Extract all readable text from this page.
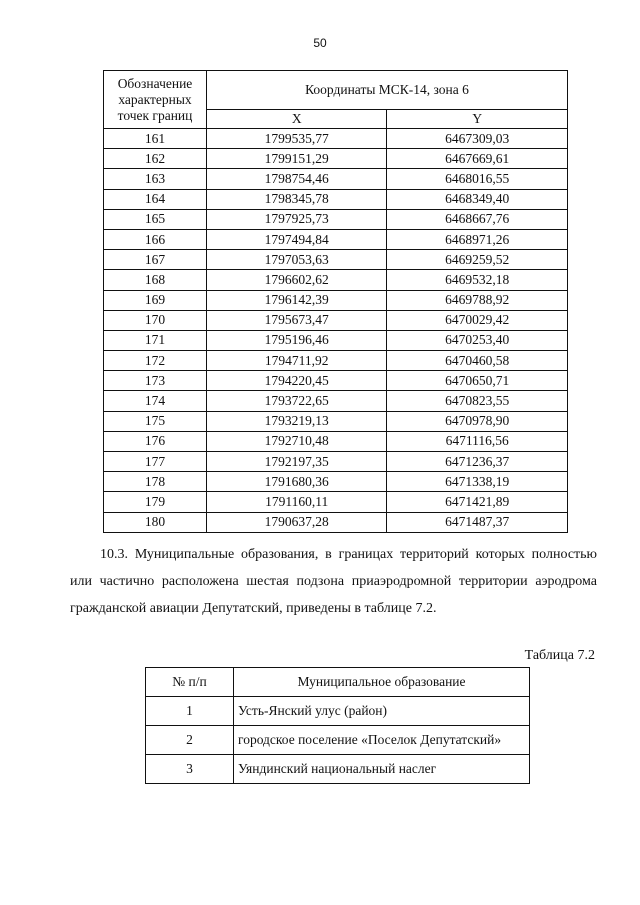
50
Обозначение характерных точек границ	Координаты МСК-14, зона 6	
	X	Y
161	1799535,77	6467309,03
162	1799151,29	6467669,61
163	1798754,46	6468016,55
164	1798345,78	6468349,40
165	1797925,73	6468667,76
166	1797494,84	6468971,26
167	1797053,63	6469259,52
168	1796602,62	6469532,18
169	1796142,39	6469788,92
170	1795673,47	6470029,42
171	1795196,46	6470253,40
172	1794711,92	6470460,58
173	1794220,45	6470650,71
174	1793722,65	6470823,55
175	1793219,13	6470978,90
176	1792710,48	6471116,56
177	1792197,35	6471236,37
178	1791680,36	6471338,19
179	1791160,11	6471421,89
180	1790637,28	6471487,37
10.3. Муниципальные образования, в границах территорий которых полностью или частично расположена шестая подзона приаэродромной территории аэродрома гражданской авиации Депутатский, приведены в таблице 7.2.
Таблица 7.2
№ п/п	Муниципальное образование
1	Усть-Янский улус (район)
2	городское поселение «Поселок Депутатский»
3	Уяндинский национальный наслег
